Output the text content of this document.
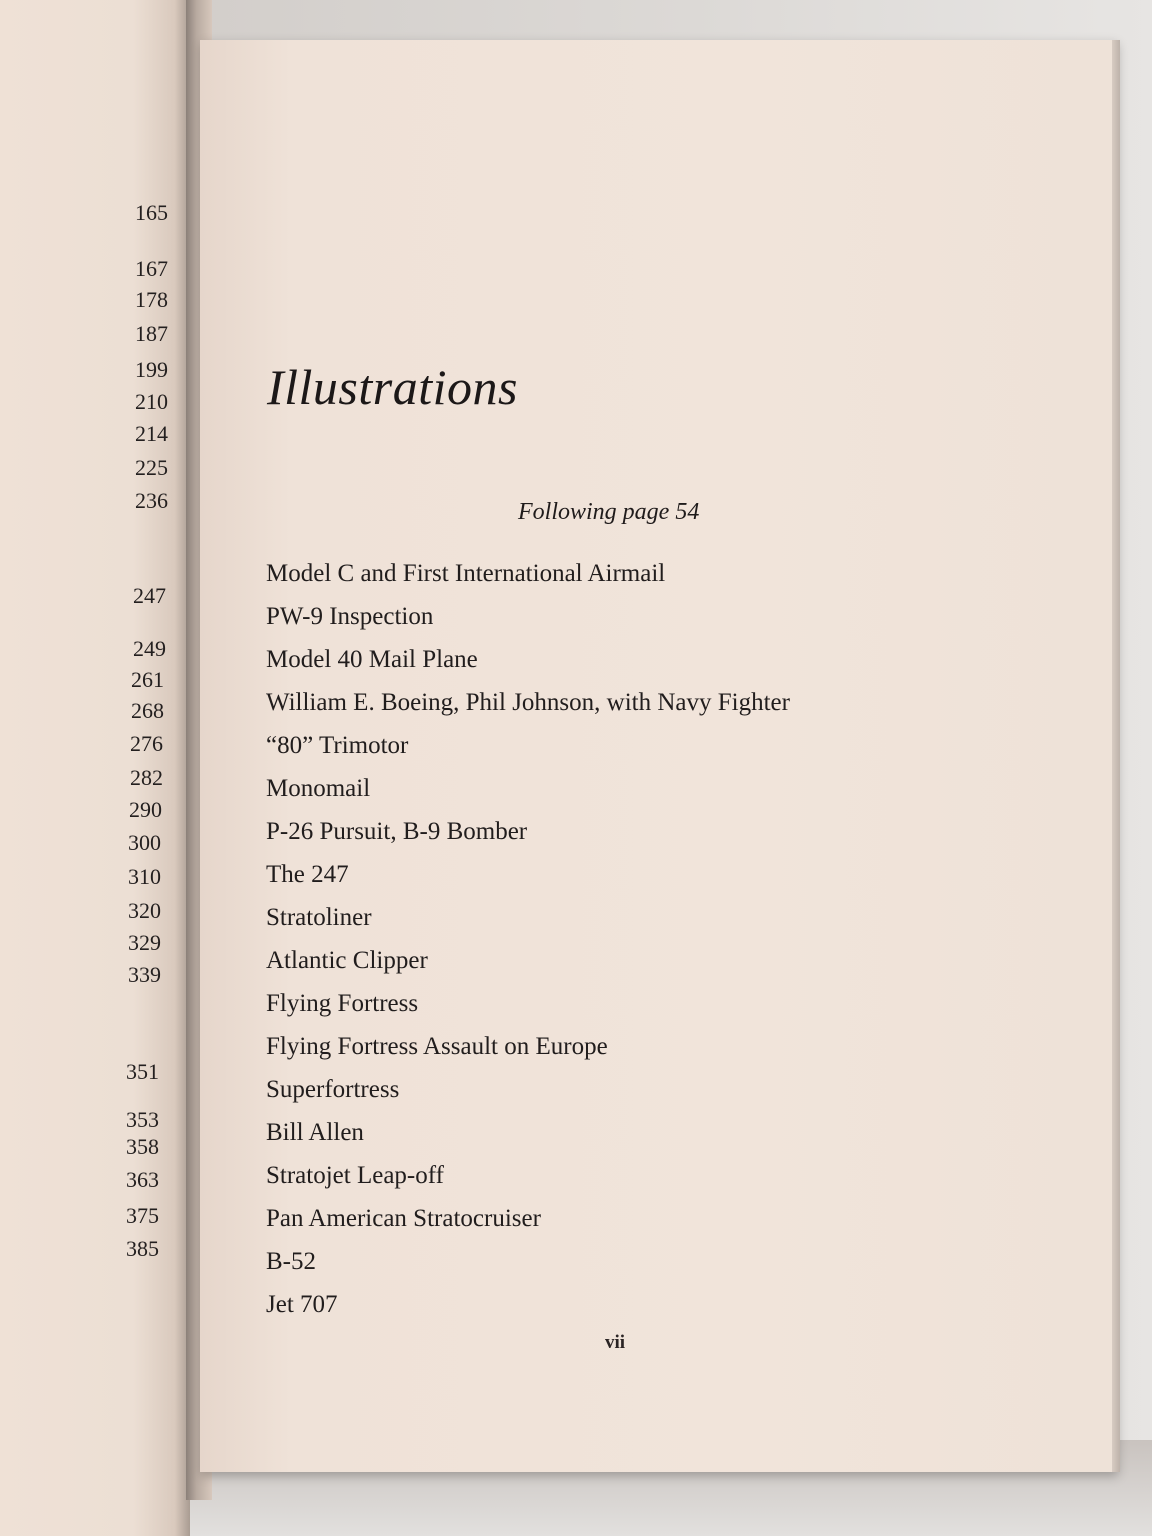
165
167
178
187
199
210
214
225
236
247
249
261
268
276
282
290
300
310
320
329
339
351
353
358
363
375
385
Illustrations
Following page 54
Model C and First International Airmail
PW-9 Inspection
Model 40 Mail Plane
William E. Boeing, Phil Johnson, with Navy Fighter
“80” Trimotor
Monomail
P-26 Pursuit, B-9 Bomber
The 247
Stratoliner
Atlantic Clipper
Flying Fortress
Flying Fortress Assault on Europe
Superfortress
Bill Allen
Stratojet Leap-off
Pan American Stratocruiser
B-52
Jet 707
vii
